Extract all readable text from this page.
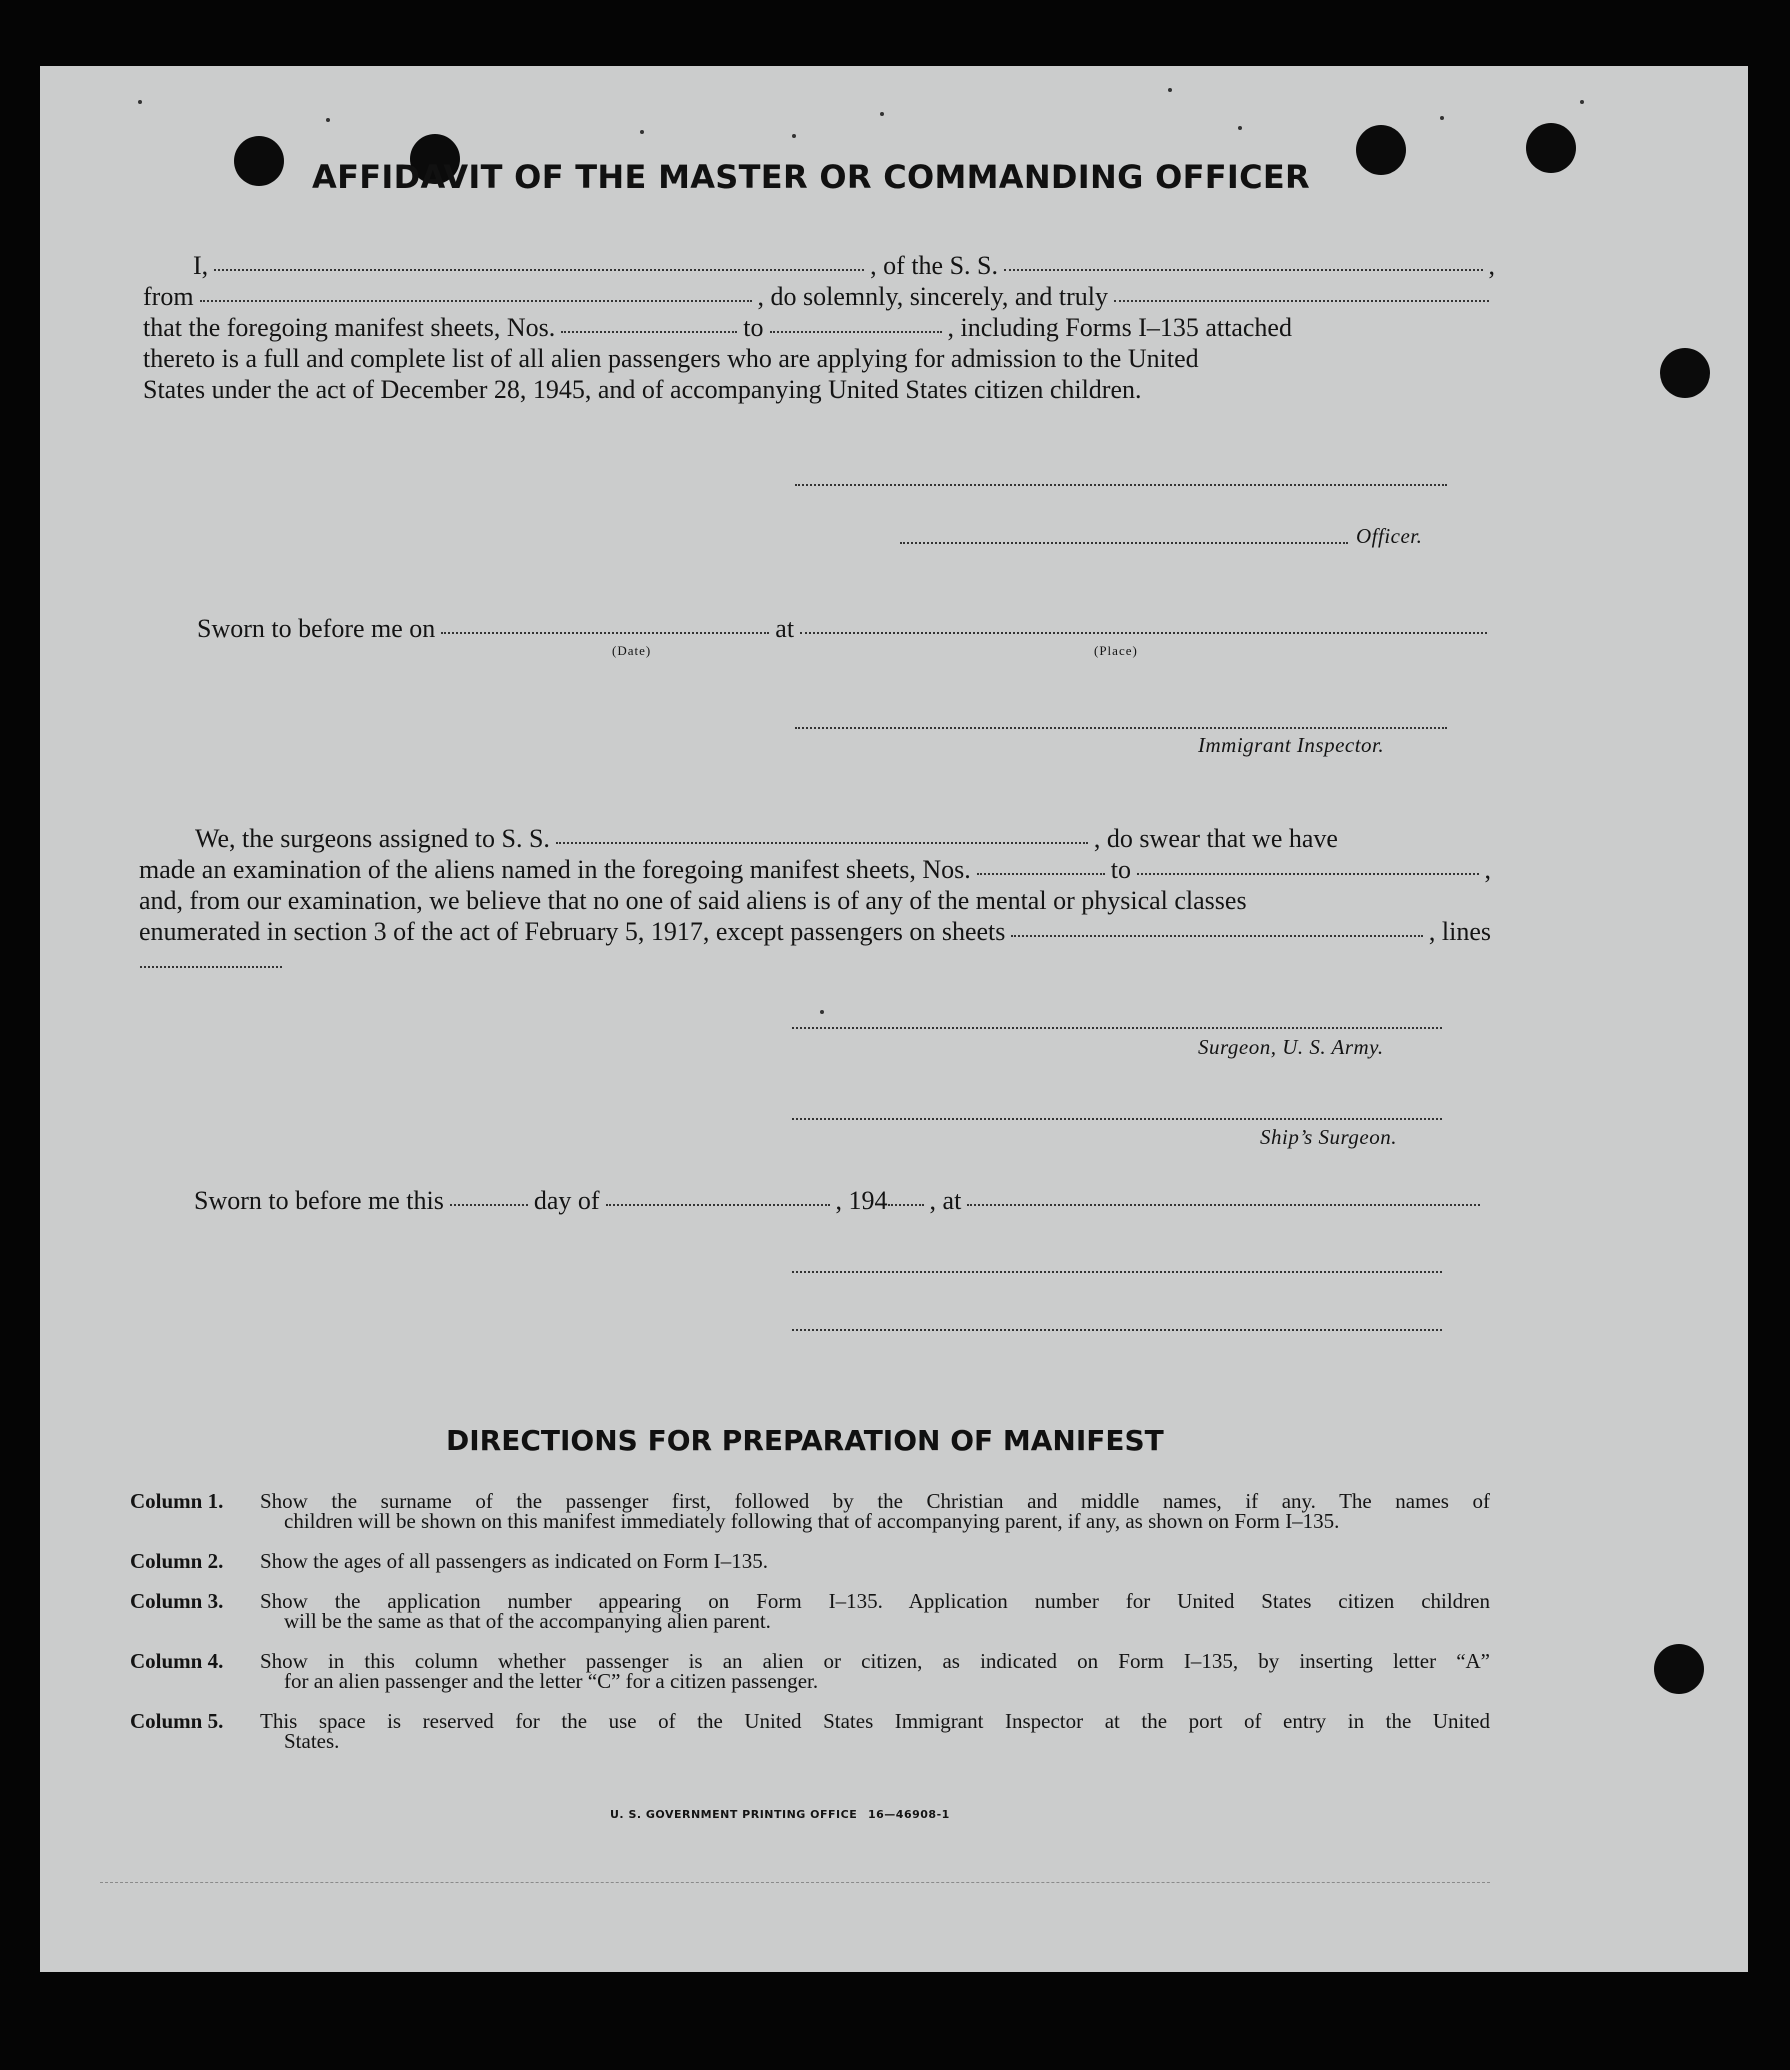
AFFIDAVIT OF THE MASTER OR COMMANDING OFFICER
I,	, of the S. S.	,
from	, do solemnly, sincerely, and truly
that the foregoing manifest sheets, Nos.	to	, including Forms I–135 attached
thereto is a full and complete list of all alien passengers who are applying for admission to the United
States under the act of December 28, 1945, and of accompanying United States citizen children.
Officer.
Sworn to before me on	at
(Date)	(Place)
Immigrant Inspector.
We, the surgeons assigned to S. S.	, do swear that we have
made an examination of the aliens named in the foregoing manifest sheets, Nos.	to	,
and, from our examination, we believe that no one of said aliens is of any of the mental or physical classes
enumerated in section 3 of the act of February 5, 1917, except passengers on sheets	, lines
Surgeon, U. S. Army.
Ship’s Surgeon.
Sworn to before me this	day of	, 194 , at
DIRECTIONS FOR PREPARATION OF MANIFEST
Column 1. Show the surname of the passenger first, followed by the Christian and middle names, if any. The names of
children will be shown on this manifest immediately following that of accompanying parent, if any, as shown on Form I–135.
Column 2. Show the ages of all passengers as indicated on Form I–135.
Column 3. Show the application number appearing on Form I–135. Application number for United States citizen children
will be the same as that of the accompanying alien parent.
Column 4. Show in this column whether passenger is an alien or citizen, as indicated on Form I–135, by inserting letter “A”
for an alien passenger and the letter “C” for a citizen passenger.
Column 5. This space is reserved for the use of the United States Immigrant Inspector at the port of entry in the United
States.
U. S. GOVERNMENT PRINTING OFFICE 16—46908-1
